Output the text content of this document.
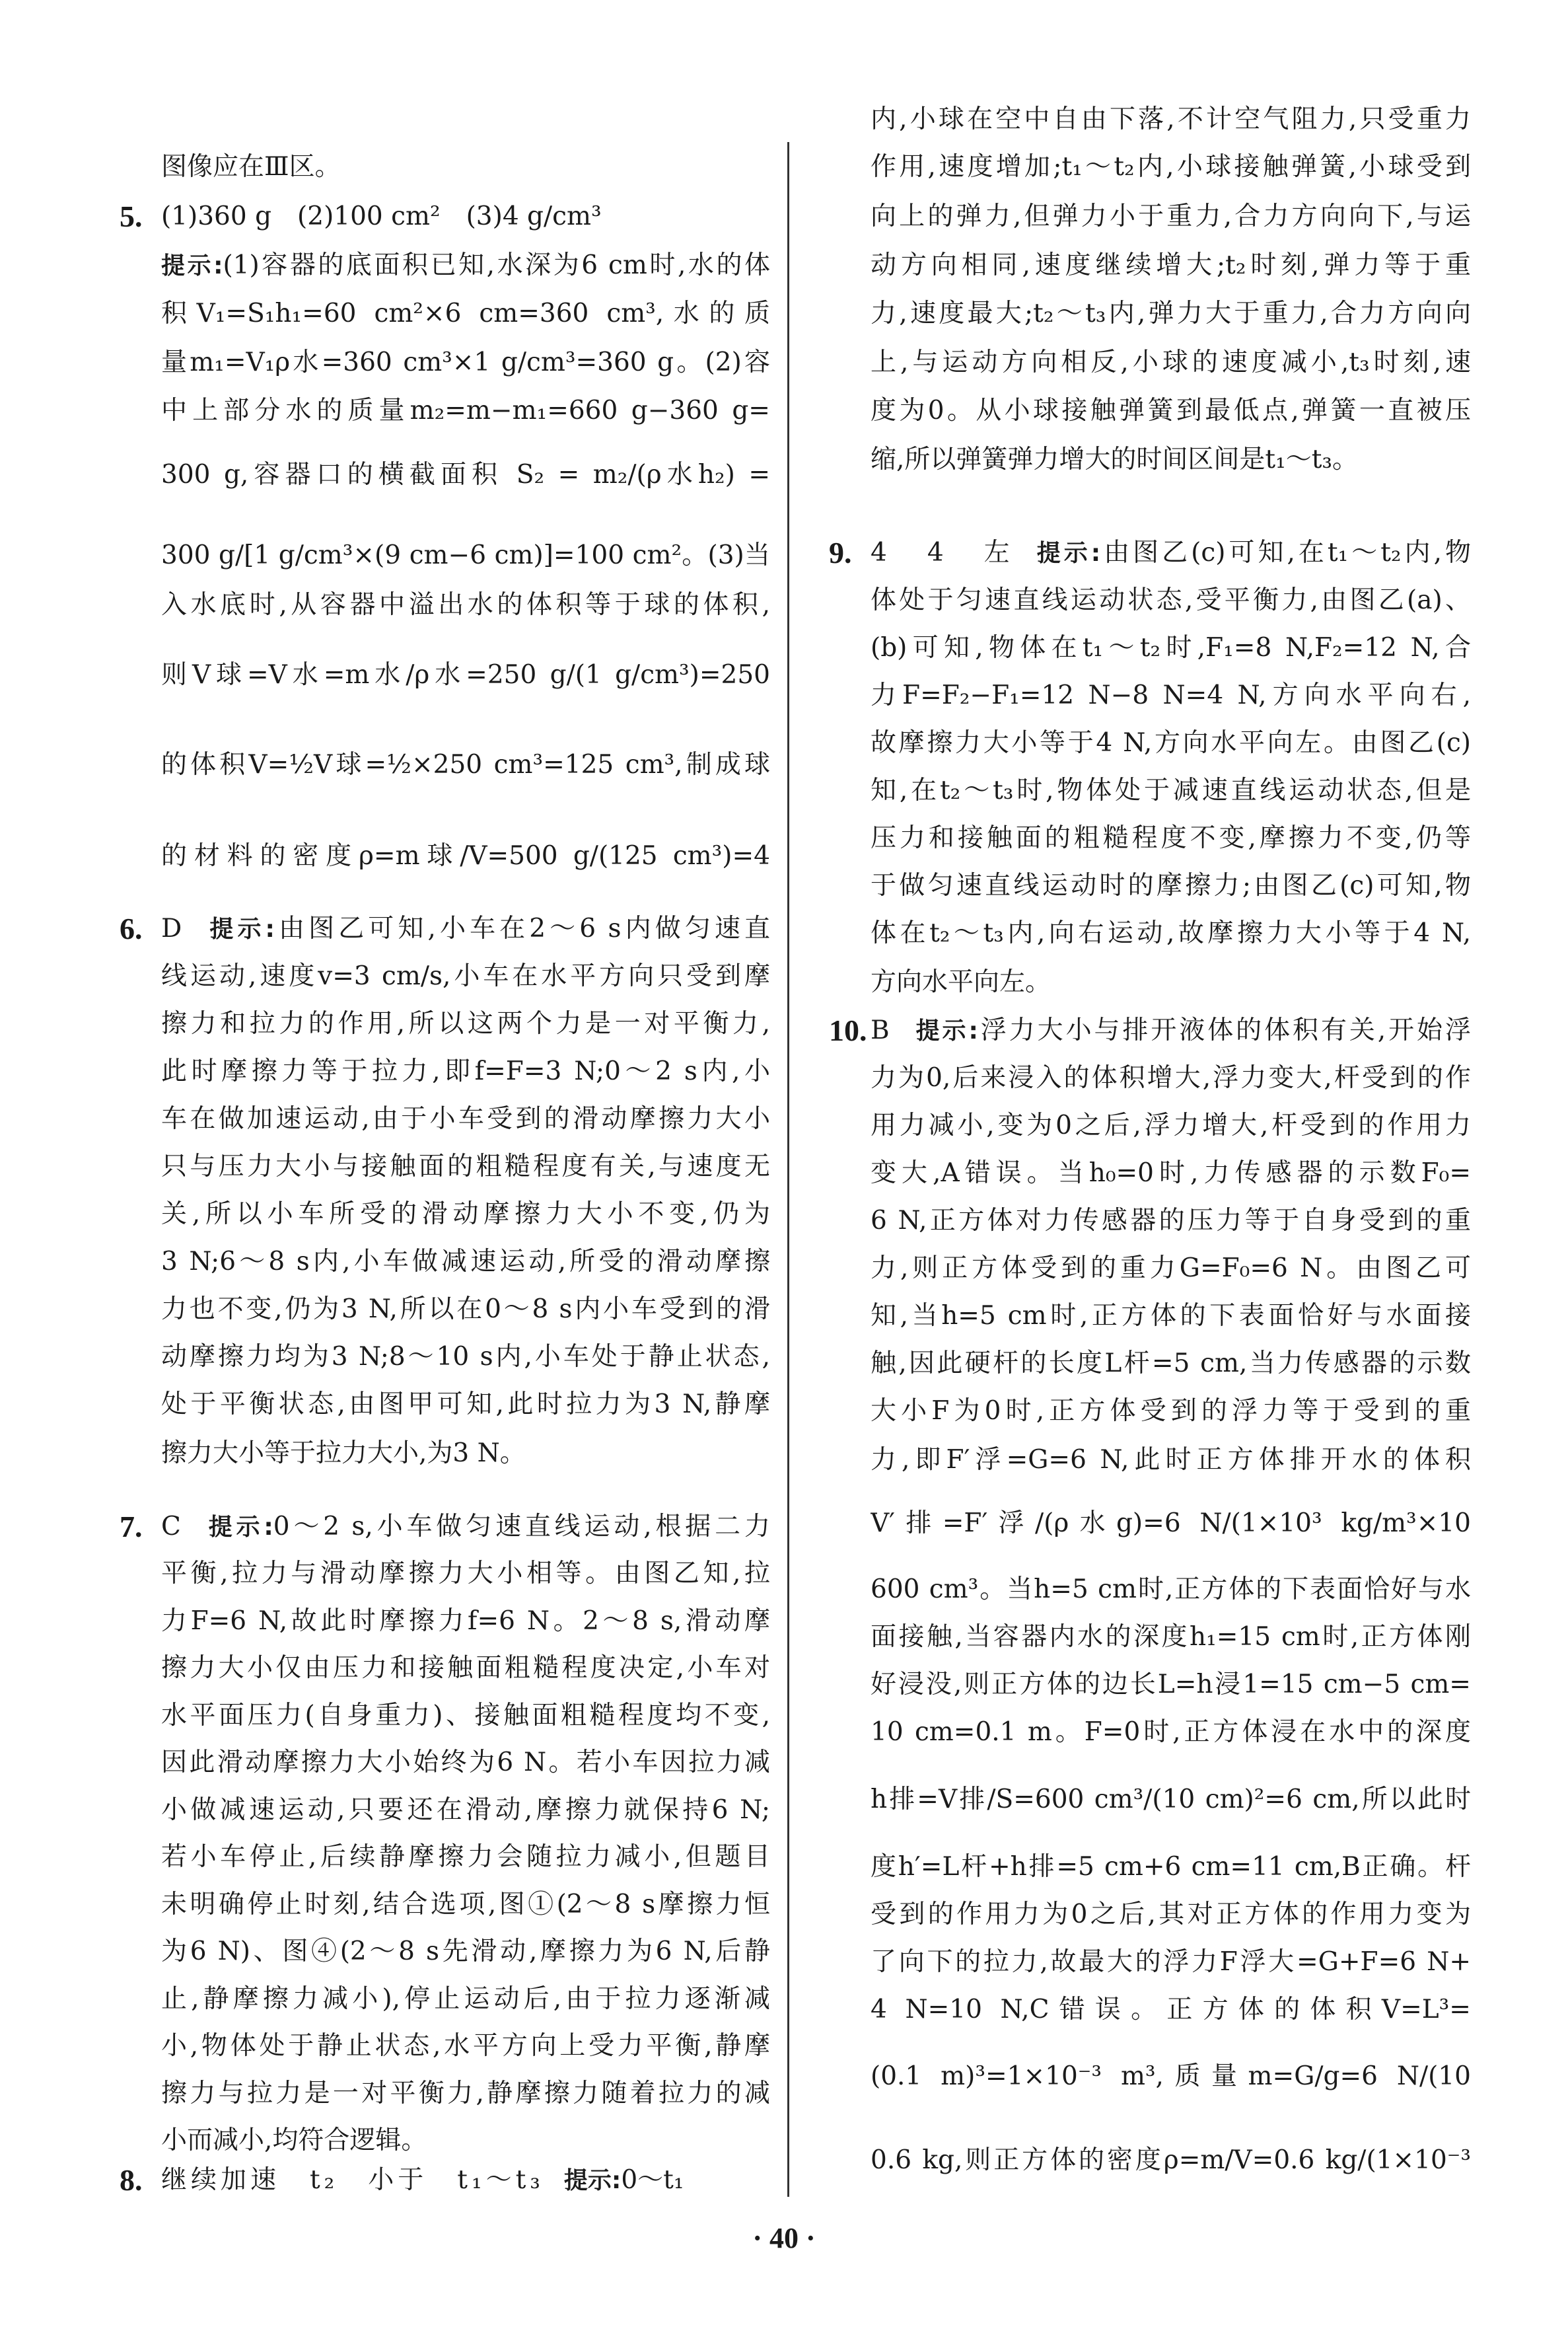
图像应在Ⅲ区。
5. (1)360 g　(2)100 cm²　(3)4 g/cm³
提示:(1)容器的底面积已知,水深为6 cm时,水的体
积V₁=S₁h₁=60 cm²×6 cm=360 cm³,水的质
量m₁=V₁ρ水=360 cm³×1 g/cm³=360 g。(2)容
中上部分水的质量m₂=m−m₁=660 g−360 g=
300 g,容器口的横截面积 S₂ = m₂/(ρ水h₂) =
300 g/[1 g/cm³×(9 cm−6 cm)]=100 cm²。(3)当
入水底时,从容器中溢出水的体积等于球的体积,
则V球=V水=m水/ρ水=250 g/(1 g/cm³)=250
的体积V=½V球=½×250 cm³=125 cm³,制成球
的材料的密度ρ=m球/V=500 g/(125 cm³)=4
6. D 提示:由图乙可知,小车在2～6 s内做匀速直
线运动,速度v=3 cm/s,小车在水平方向只受到摩
擦力和拉力的作用,所以这两个力是一对平衡力,
此时摩擦力等于拉力,即f=F=3 N;0～2 s内,小
车在做加速运动,由于小车受到的滑动摩擦力大小
只与压力大小与接触面的粗糙程度有关,与速度无
关,所以小车所受的滑动摩擦力大小不变,仍为
3 N;6～8 s内,小车做减速运动,所受的滑动摩擦
力也不变,仍为3 N,所以在0～8 s内小车受到的滑
动摩擦力均为3 N;8～10 s内,小车处于静止状态,
处于平衡状态,由图甲可知,此时拉力为3 N,静摩
擦力大小等于拉力大小,为3 N。
7. C 提示:0～2 s,小车做匀速直线运动,根据二力
平衡,拉力与滑动摩擦力大小相等。由图乙知,拉
力F=6 N,故此时摩擦力f=6 N。2～8 s,滑动摩
擦力大小仅由压力和接触面粗糙程度决定,小车对
水平面压力(自身重力)、接触面粗糙程度均不变,
因此滑动摩擦力大小始终为6 N。若小车因拉力减
小做减速运动,只要还在滑动,摩擦力就保持6 N;
若小车停止,后续静摩擦力会随拉力减小,但题目
未明确停止时刻,结合选项,图①(2～8 s摩擦力恒
为6 N)、图④(2～8 s先滑动,摩擦力为6 N,后静
止,静摩擦力减小),停止运动后,由于拉力逐渐减
小,物体处于静止状态,水平方向上受力平衡,静摩
擦力与拉力是一对平衡力,静摩擦力随着拉力的减
小而减小,均符合逻辑。
8. 继续加速　t₂　小于　t₁～t₃ 提示:0～t₁
内,小球在空中自由下落,不计空气阻力,只受重力
作用,速度增加;t₁～t₂内,小球接触弹簧,小球受到
向上的弹力,但弹力小于重力,合力方向向下,与运
动方向相同,速度继续增大;t₂时刻,弹力等于重
力,速度最大;t₂～t₃内,弹力大于重力,合力方向向
上,与运动方向相反,小球的速度减小,t₃时刻,速
度为0。从小球接触弹簧到最低点,弹簧一直被压
缩,所以弹簧弹力增大的时间区间是t₁～t₃。
9. 4　4　左 提示:由图乙(c)可知,在t₁～t₂内,物
体处于匀速直线运动状态,受平衡力,由图乙(a)、
(b)可知,物体在t₁～t₂时,F₁=8 N,F₂=12 N,合
力F=F₂−F₁=12 N−8 N=4 N,方向水平向右,
故摩擦力大小等于4 N,方向水平向左。由图乙(c)
知,在t₂～t₃时,物体处于减速直线运动状态,但是
压力和接触面的粗糙程度不变,摩擦力不变,仍等
于做匀速直线运动时的摩擦力;由图乙(c)可知,物
体在t₂～t₃内,向右运动,故摩擦力大小等于4 N,
方向水平向左。
10. B 提示:浮力大小与排开液体的体积有关,开始浮
力为0,后来浸入的体积增大,浮力变大,杆受到的作
用力减小,变为0之后,浮力增大,杆受到的作用力
变大,A错误。当h₀=0时,力传感器的示数F₀=
6 N,正方体对力传感器的压力等于自身受到的重
力,则正方体受到的重力G=F₀=6 N。由图乙可
知,当h=5 cm时,正方体的下表面恰好与水面接
触,因此硬杆的长度L杆=5 cm,当力传感器的示数
大小F为0时,正方体受到的浮力等于受到的重
力,即F′浮=G=6 N,此时正方体排开水的体积
V′排=F′浮/(ρ水g)=6 N/(1×10³ kg/m³×10
600 cm³。当h=5 cm时,正方体的下表面恰好与水
面接触,当容器内水的深度h₁=15 cm时,正方体刚
好浸没,则正方体的边长L=h浸1=15 cm−5 cm=
10 cm=0.1 m。F=0时,正方体浸在水中的深度
h排=V排/S=600 cm³/(10 cm)²=6 cm,所以此时
度h′=L杆+h排=5 cm+6 cm=11 cm,B正确。杆
受到的作用力为0之后,其对正方体的作用力变为
了向下的拉力,故最大的浮力F浮大=G+F=6 N+
4 N=10 N,C错误。正方体的体积V=L³=
(0.1 m)³=1×10⁻³ m³,质量m=G/g=6 N/(10
0.6 kg,则正方体的密度ρ=m/V=0.6 kg/(1×10⁻³
· 40 ·
